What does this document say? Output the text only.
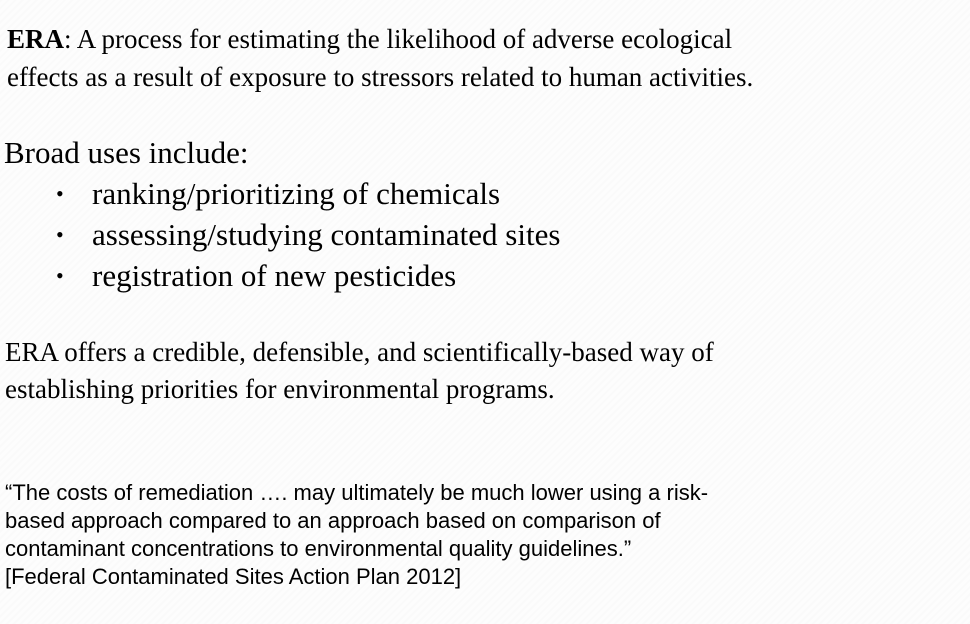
ERA: A process for estimating the likelihood of adverse ecological
effects as a result of exposure to stressors related to human activities.

Broad uses include:

• ranking/prioritizing of chemicals
• assessing/studying contaminated sites
• registration of new pesticides

ERA offers a credible, defensible, and scientifically-based way of
establishing priorities for environmental programs.

“The costs of remediation …. may ultimately be much lower using a risk-
based approach compared to an approach based on comparison of
contaminant concentrations to environmental quality guidelines.”
[Federal Contaminated Sites Action Plan 2012]
